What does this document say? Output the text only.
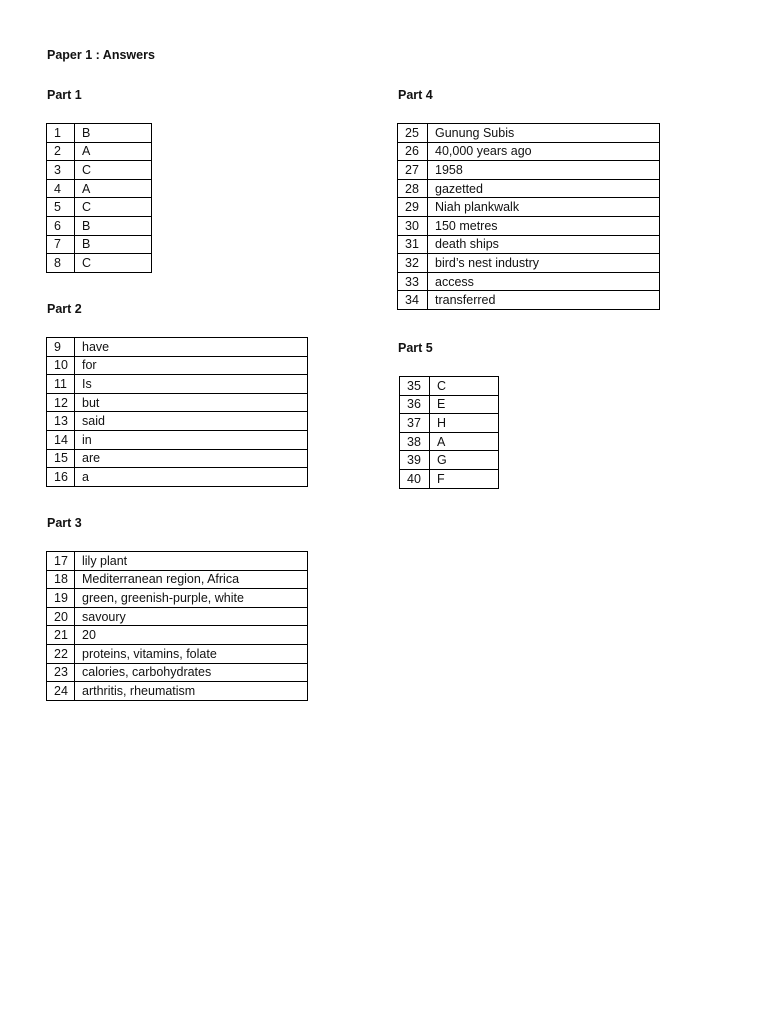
Paper 1 : Answers
Part 1
1	B
2	A
3	C
4	A
5	C
6	B
7	B
8	C
Part 2
9	have
10	for
11	Is
12	but
13	said
14	in
15	are
16	a
Part 3
17	lily plant
18	Mediterranean region, Africa
19	green, greenish-purple, white
20	savoury
21	20
22	proteins, vitamins, folate
23	calories, carbohydrates
24	arthritis, rheumatism
Part 4
25	Gunung Subis
26	40,000 years ago
27	1958
28	gazetted
29	Niah plankwalk
30	150 metres
31	death ships
32	bird’s nest industry
33	access
34	transferred
Part 5
35	C
36	E
37	H
38	A
39	G
40	F
